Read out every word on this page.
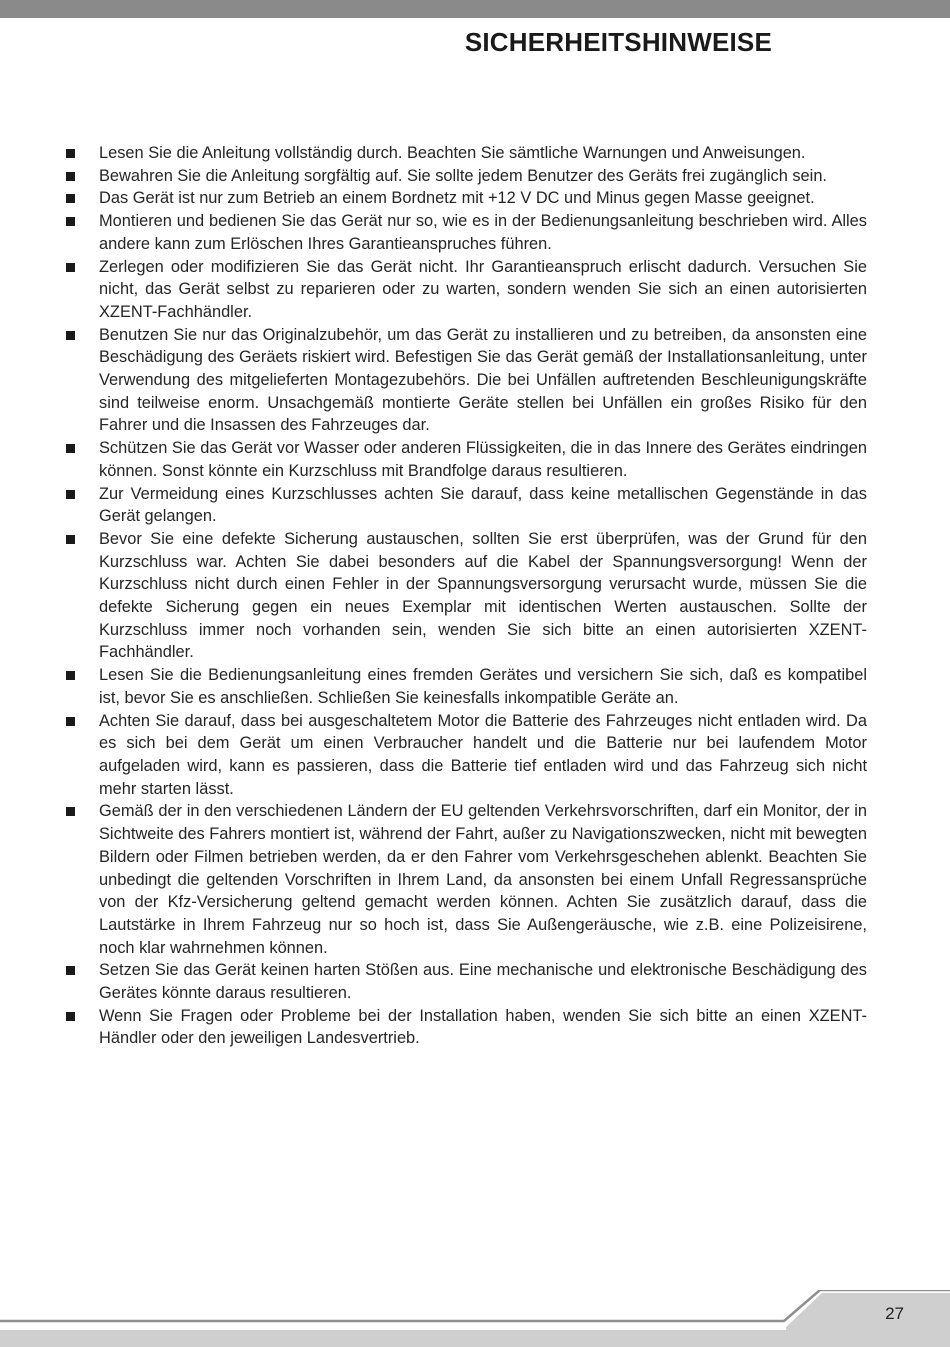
SICHERHEITSHINWEISE
Lesen Sie die Anleitung vollständig durch. Beachten Sie sämtliche Warnungen und Anweisungen.
Bewahren Sie die Anleitung sorgfältig auf. Sie sollte jedem Benutzer des Geräts frei zugänglich sein.
Das Gerät ist nur zum Betrieb an einem Bordnetz mit +12 V DC und Minus gegen Masse geeignet.
Montieren und bedienen Sie das Gerät nur so, wie es in der Bedienungsanleitung beschrieben wird. Alles andere kann zum Erlöschen Ihres Garantieanspruches führen.
Zerlegen oder modifizieren Sie das Gerät nicht. Ihr Garantieanspruch erlischt dadurch. Versuchen Sie nicht, das Gerät selbst zu reparieren oder zu warten, sondern wenden Sie sich an einen autorisierten XZENT-Fachhändler.
Benutzen Sie nur das Originalzubehör, um das Gerät zu installieren und zu betreiben, da ansonsten eine Beschädigung des Geräets riskiert wird. Befestigen Sie das Gerät gemäß der Installationsanleitung, unter Verwendung des mitgelieferten Montagezubehörs. Die bei Unfällen auftretenden Beschleunigungskräfte sind teilweise enorm. Unsachgemäß montierte Geräte stellen bei Unfällen ein großes Risiko für den Fahrer und die Insassen des Fahrzeuges dar.
Schützen Sie das Gerät vor Wasser oder anderen Flüssigkeiten, die in das Innere des Gerätes eindringen können. Sonst könnte ein Kurzschluss mit Brandfolge daraus resultieren.
Zur Vermeidung eines Kurzschlusses achten Sie darauf, dass keine metallischen Gegenstände in das Gerät gelangen.
Bevor Sie eine defekte Sicherung austauschen, sollten Sie erst überprüfen, was der Grund für den Kurzschluss war. Achten Sie dabei besonders auf die Kabel der Spannungsversorgung! Wenn der Kurzschluss nicht durch einen Fehler in der Spannungsversorgung verursacht wurde, müssen Sie die defekte Sicherung gegen ein neues Exemplar mit identischen Werten austauschen. Sollte der Kurzschluss immer noch vorhanden sein, wenden Sie sich bitte an einen autorisierten XZENT-Fachhändler.
Lesen Sie die Bedienungsanleitung eines fremden Gerätes und versichern Sie sich, daß es kompatibel ist, bevor Sie es anschließen. Schließen Sie keinesfalls inkompatible Geräte an.
Achten Sie darauf, dass bei ausgeschaltetem Motor die Batterie des Fahrzeuges nicht entladen wird. Da es sich bei dem Gerät um einen Verbraucher handelt und die Batterie nur bei laufendem Motor aufgeladen wird, kann es passieren, dass die Batterie tief entladen wird und das Fahrzeug sich nicht mehr starten lässt.
Gemäß der in den verschiedenen Ländern der EU geltenden Verkehrsvorschriften, darf ein Monitor, der in Sichtweite des Fahrers montiert ist, während der Fahrt, außer zu Navigationszwecken, nicht mit bewegten Bildern oder Filmen betrieben werden, da er den Fahrer vom Verkehrsgeschehen ablenkt. Beachten Sie unbedingt die geltenden Vorschriften in Ihrem Land, da ansonsten bei einem Unfall Regressansprüche von der Kfz-Versicherung geltend gemacht werden können. Achten Sie zusätzlich darauf, dass die Lautstärke in Ihrem Fahrzeug nur so hoch ist, dass Sie Außengeräusche, wie z.B. eine Polizeisirene, noch klar wahrnehmen können.
Setzen Sie das Gerät keinen harten Stößen aus. Eine mechanische und elektronische Beschädigung des Gerätes könnte daraus resultieren.
Wenn Sie Fragen oder Probleme bei der Installation haben, wenden Sie sich bitte an einen XZENT-Händler oder den jeweiligen Landesvertrieb.
27
